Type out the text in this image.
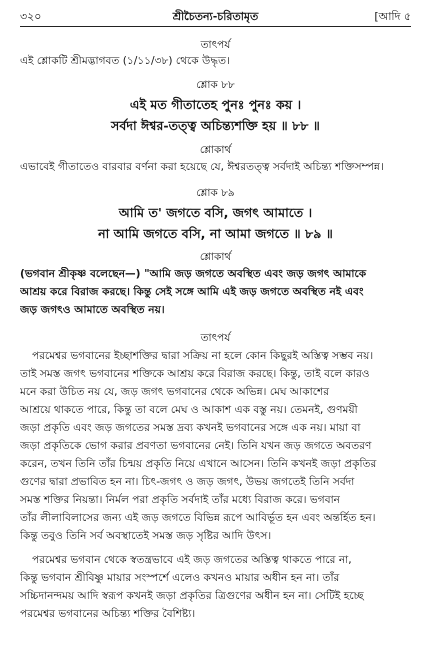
৩২০	শ্রীচৈতন্য-চরিতামৃত	[আদি ৫
তাৎপর্য
এই শ্লোকটি শ্রীমদ্ভাগবত (১/১১/৩৮) থেকে উদ্ধৃত।
শ্লোক ৮৮
এই মত গীতাতেহ পুনঃ পুনঃ কয় ।
সর্বদা ঈশ্বর-তত্ত্ব অচিন্ত্যশক্তি হয় ॥ ৮৮ ॥
শ্লোকার্থ
এভাবেই গীতাতেও বারবার বর্ণনা করা হয়েছে যে, ঈশ্বরতত্ত্ব সর্বদাই অচিন্ত্য শক্তিসম্পন্ন।
শ্লোক ৮৯
আমি ত' জগতে বসি, জগৎ আমাতে ।
না আমি জগতে বসি, না আমা জগতে ॥ ৮৯ ॥
শ্লোকার্থ
(ভগবান শ্রীকৃষ্ণ বলেছেন—) "আমি জড় জগতে অবস্থিত এবং জড় জগৎ আমাকে
আশ্রয় করে বিরাজ করছে। কিন্তু সেই সঙ্গে আমি এই জড় জগতে অবস্থিত নই এবং
জড় জগৎও আমাতে অবস্থিত নয়।
তাৎপর্য
পরমেশ্বর ভগবানের ইচ্ছাশক্তির দ্বারা সক্রিয় না হলে কোন কিছুরই অস্তিত্ব সম্ভব নয়।
তাই সমস্ত জগৎ ভগবানের শক্তিকে আশ্রয় করে বিরাজ করছে। কিন্তু, তাই বলে কারও
মনে করা উচিত নয় যে, জড় জগৎ ভগবানের থেকে অভিন্ন। মেঘ আকাশের
আশ্রয়ে থাকতে পারে, কিন্তু তা বলে মেঘ ও আকাশ এক বস্তু নয়। তেমনই, গুণময়ী
জড়া প্রকৃতি এবং জড় জগতের সমস্ত দ্রব্য কখনই ভগবানের সঙ্গে এক নয়। মায়া বা
জড়া প্রকৃতিকে ভোগ করার প্রবণতা ভগবানের নেই। তিনি যখন জড় জগতে অবতরণ
করেন, তখন তিনি তাঁর চিন্ময় প্রকৃতি নিয়ে এখানে আসেন। তিনি কখনই জড়া প্রকৃতির
গুণের দ্বারা প্রভাবিত হন না। চিৎ-জগৎ ও জড় জগৎ, উভয় জগতেই তিনি সর্বদা
সমস্ত শক্তির নিয়ন্তা। নির্মল পরা প্রকৃতি সর্বদাই তাঁর মধ্যে বিরাজ করে। ভগবান
তাঁর লীলাবিলাসের জন্য এই জড় জগতে বিভিন্ন রূপে আবির্ভূত হন এবং অন্তর্হিত হন।
কিন্তু তবুও তিনি সর্ব অবস্থাতেই সমস্ত জড় সৃষ্টির আদি উৎস।
পরমেশ্বর ভগবান থেকে স্বতন্ত্রভাবে এই জড় জগতের অস্তিত্ব থাকতে পারে না,
কিন্তু ভগবান শ্রীবিষ্ণু মায়ার সংস্পর্শে এলেও কখনও মায়ার অধীন হন না। তাঁর
সচ্চিদানন্দময় আদি স্বরূপ কখনই জড়া প্রকৃতির ত্রিগুণের অধীন হন না। সেটিই হচ্ছে
পরমেশ্বর ভগবানের অচিন্ত্য শক্তির বৈশিষ্ট্য।
